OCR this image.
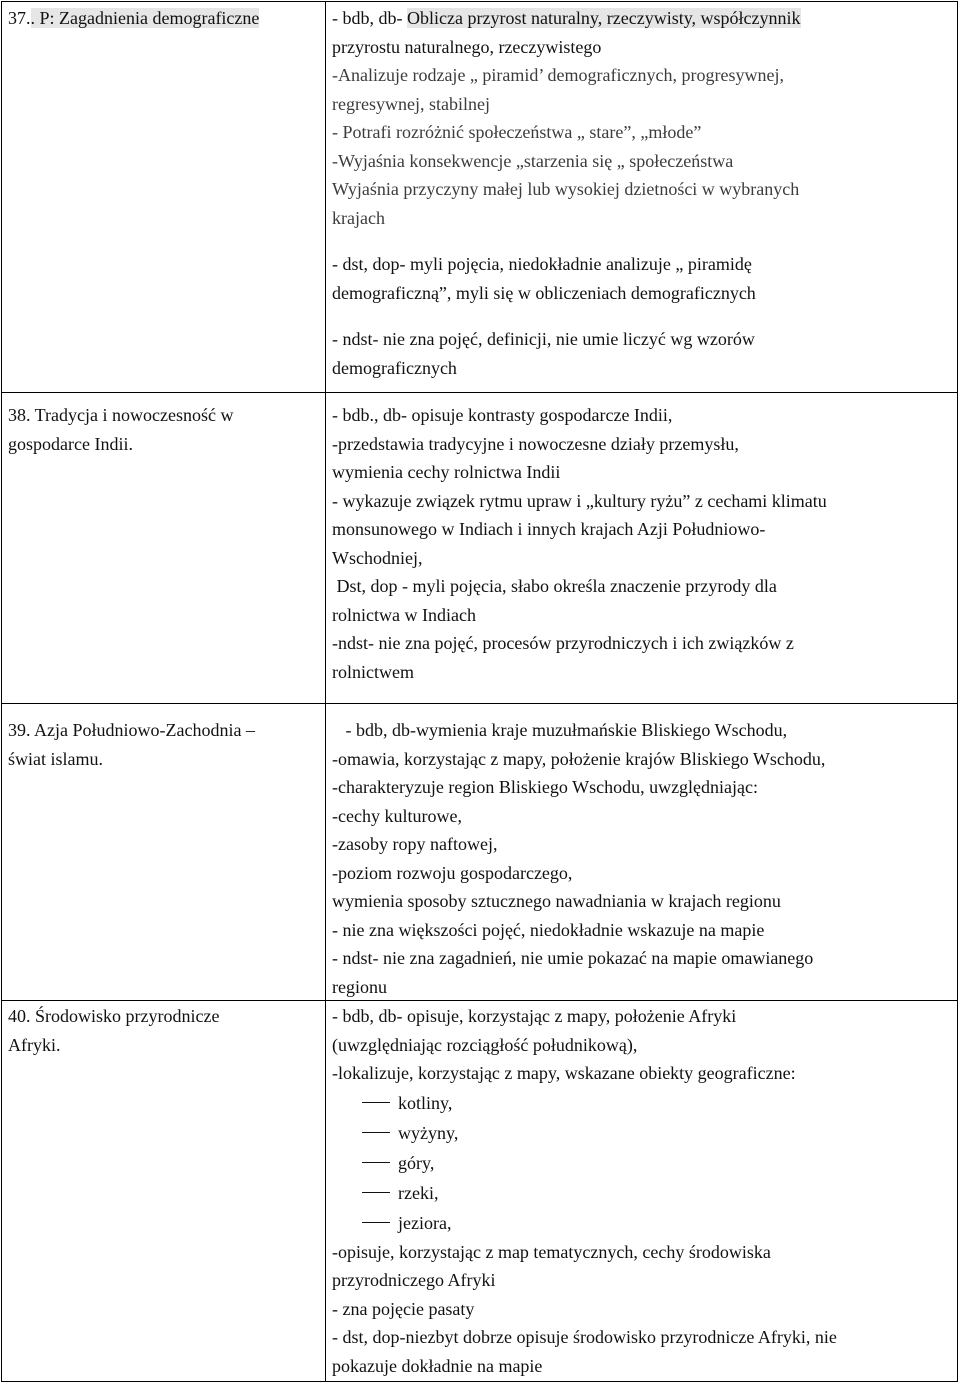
37.. P: Zagadnienia demograficzne	- bdb, db- Oblicza przyrost naturalny, rzeczywisty, współczynnik

przyrostu naturalnego, rzeczywistego

-Analizuje rodzaje „ piramid’ demograficznych, progresywnej,

regresywnej, stabilnej

- Potrafi rozróżnić społeczeństwa „ stare”, „młode”

-Wyjaśnia konsekwencje „starzenia się „ społeczeństwa

Wyjaśnia przyczyny małej lub wysokiej dzietności w wybranych

krajach

- dst, dop- myli pojęcia, niedokładnie analizuje „ piramidę

demograficzną”, myli się w obliczeniach demograficznych

- ndst- nie zna pojęć, definicji, nie umie liczyć wg wzorów

demograficznych

38. Tradycja i nowoczesność w

gospodarce Indii.

- bdb., db- opisuje kontrasty gospodarcze Indii,

-przedstawia tradycyjne i nowoczesne działy przemysłu,

wymienia cechy rolnictwa Indii

- wykazuje związek rytmu upraw i „kultury ryżu” z cechami klimatu

monsunowego w Indiach i innych krajach Azji Południowo-

Wschodniej,

Dst, dop - myli pojęcia, słabo określa znaczenie przyrody dla

rolnictwa w Indiach

-ndst- nie zna pojęć, procesów przyrodniczych i ich związków z

rolnictwem

39. Azja Południowo-Zachodnia –

świat islamu.

- bdb, db-wymienia kraje muzułmańskie Bliskiego Wschodu,

-omawia, korzystając z mapy, położenie krajów Bliskiego Wschodu,

-charakteryzuje region Bliskiego Wschodu, uwzględniając:

-cechy kulturowe,

-zasoby ropy naftowej,

-poziom rozwoju gospodarczego,

wymienia sposoby sztucznego nawadniania w krajach regionu

- nie zna większości pojęć, niedokładnie wskazuje na mapie

- ndst- nie zna zagadnień, nie umie pokazać na mapie omawianego

regionu

40. Środowisko przyrodnicze

Afryki.

- bdb, db- opisuje, korzystając z mapy, położenie Afryki

(uwzględniając rozciągłość południkową),

-lokalizuje, korzystając z mapy, wskazane obiekty geograficzne:

kotliny,
wyżyny,
góry,
rzeki,
jeziora,

-opisuje, korzystając z map tematycznych, cechy środowiska

przyrodniczego Afryki

- zna pojęcie pasaty

- dst, dop-niezbyt dobrze opisuje środowisko przyrodnicze Afryki, nie

pokazuje dokładnie na mapie
